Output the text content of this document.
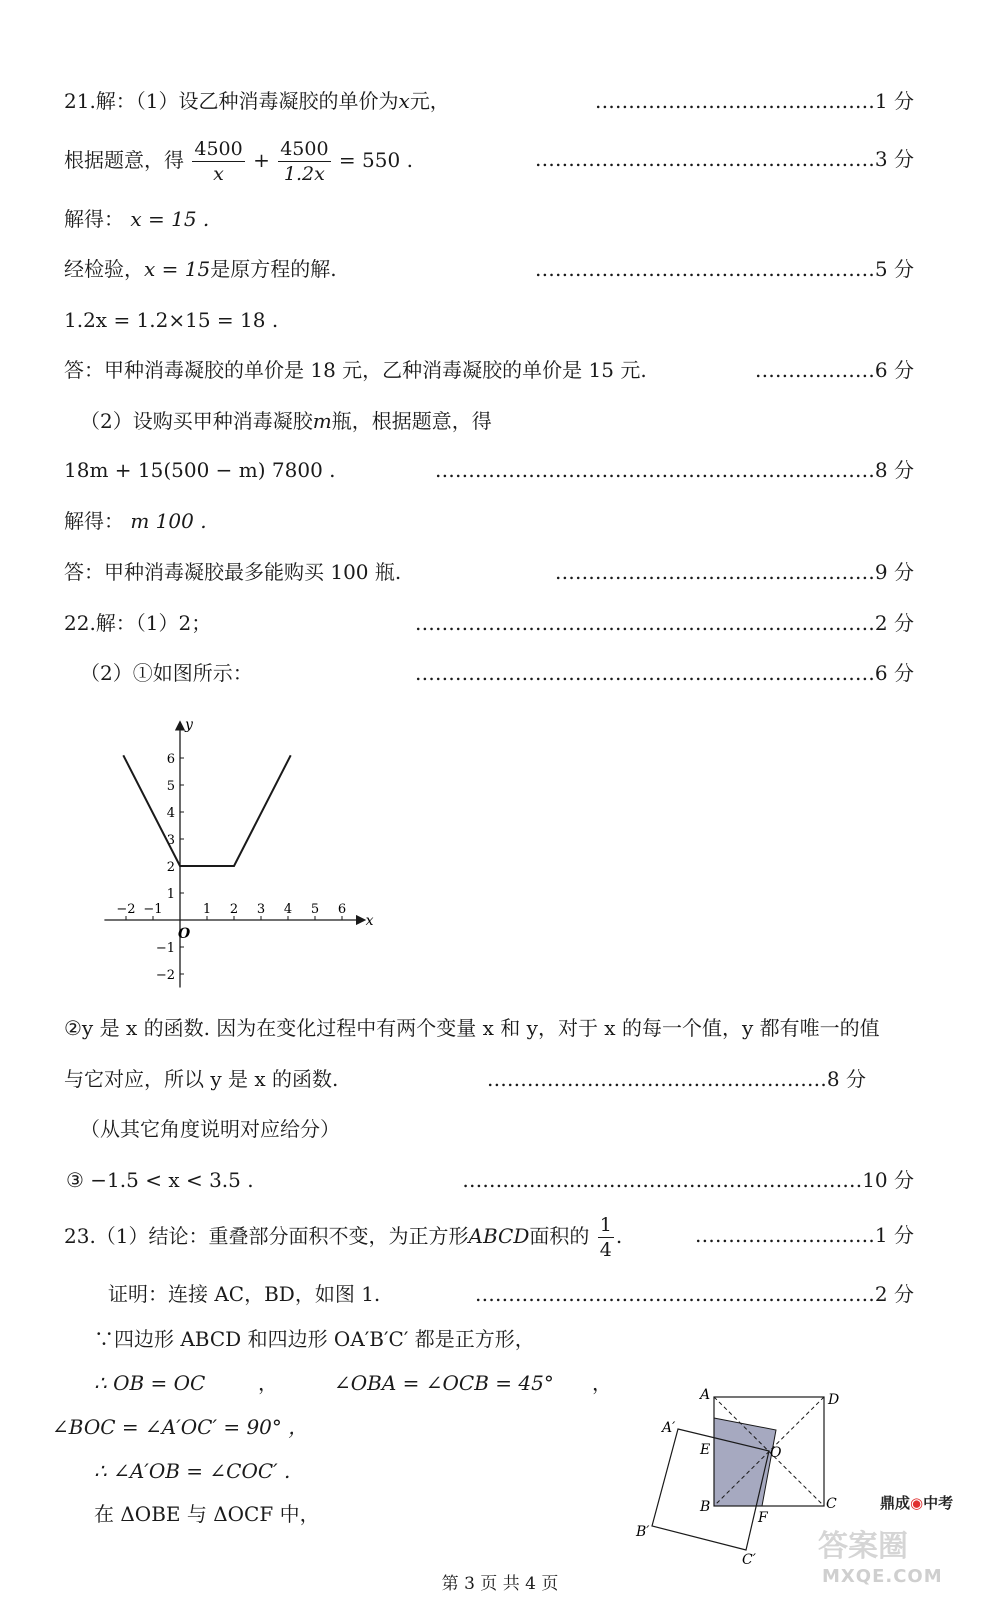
21.解：（1）设乙种消毒凝胶的单价为x元，	……………………………………1 分
根据题意，得 $\frac{4500}{x} + \frac{4500}{1.2x} = 550$ .	……………………………………………3 分
解得： x = 15 .
经检验，x = 15是原方程的解.	……………………………………………5 分
1.2x = 1.2×15 = 18 .
答：甲种消毒凝胶的单价是 18 元，乙种消毒凝胶的单价是 15 元.	………………6 分
（2）设购买甲种消毒凝胶m瓶，根据题意，得
18m + 15(500 − m) 7800 .	…………………………………………………………8 分
解得： m 100 .
答：甲种消毒凝胶最多能购买 100 瓶.	…………………………………………9 分
22.解：（1）2；	……………………………………………………………2 分
（2）①如图所示：	……………………………………………………………6 分
x
y
O
−2 −1	1 2 3 4 5 6
−2
−1
1
2
3
4
5
6
②y 是 x 的函数. 因为在变化过程中有两个变量 x 和 y，对于 x 的每一个值，y 都有唯一的值
与它对应，所以 y 是 x 的函数.	……………………………………………8 分
（从其它角度说明对应给分）
③ −1.5 < x < 3.5 .	……………………………………………………10 分
23.（1）结论：重叠部分面积不变，为正方形ABCD面积的 $\frac{1}{4}$ .	………………………1 分
证明：连接 AC，BD，如图 1.	……………………………………………………2 分
∵四边形 ABCD 和四边形 OA′B′C′ 都是正方形，
∴ OB = OC	，	∠OBA = ∠OCB = 45° ，
∠BOC = ∠A′OC′ = 90° ，
∴ ∠A′OB = ∠COC′ .
在 ΔOBE 与 ΔOCF 中，
A	D
A′
E	O
B
F
C
B′
C′
鼎成◉中考
答案圈
MXQE.COM
第 3 页 共 4 页
